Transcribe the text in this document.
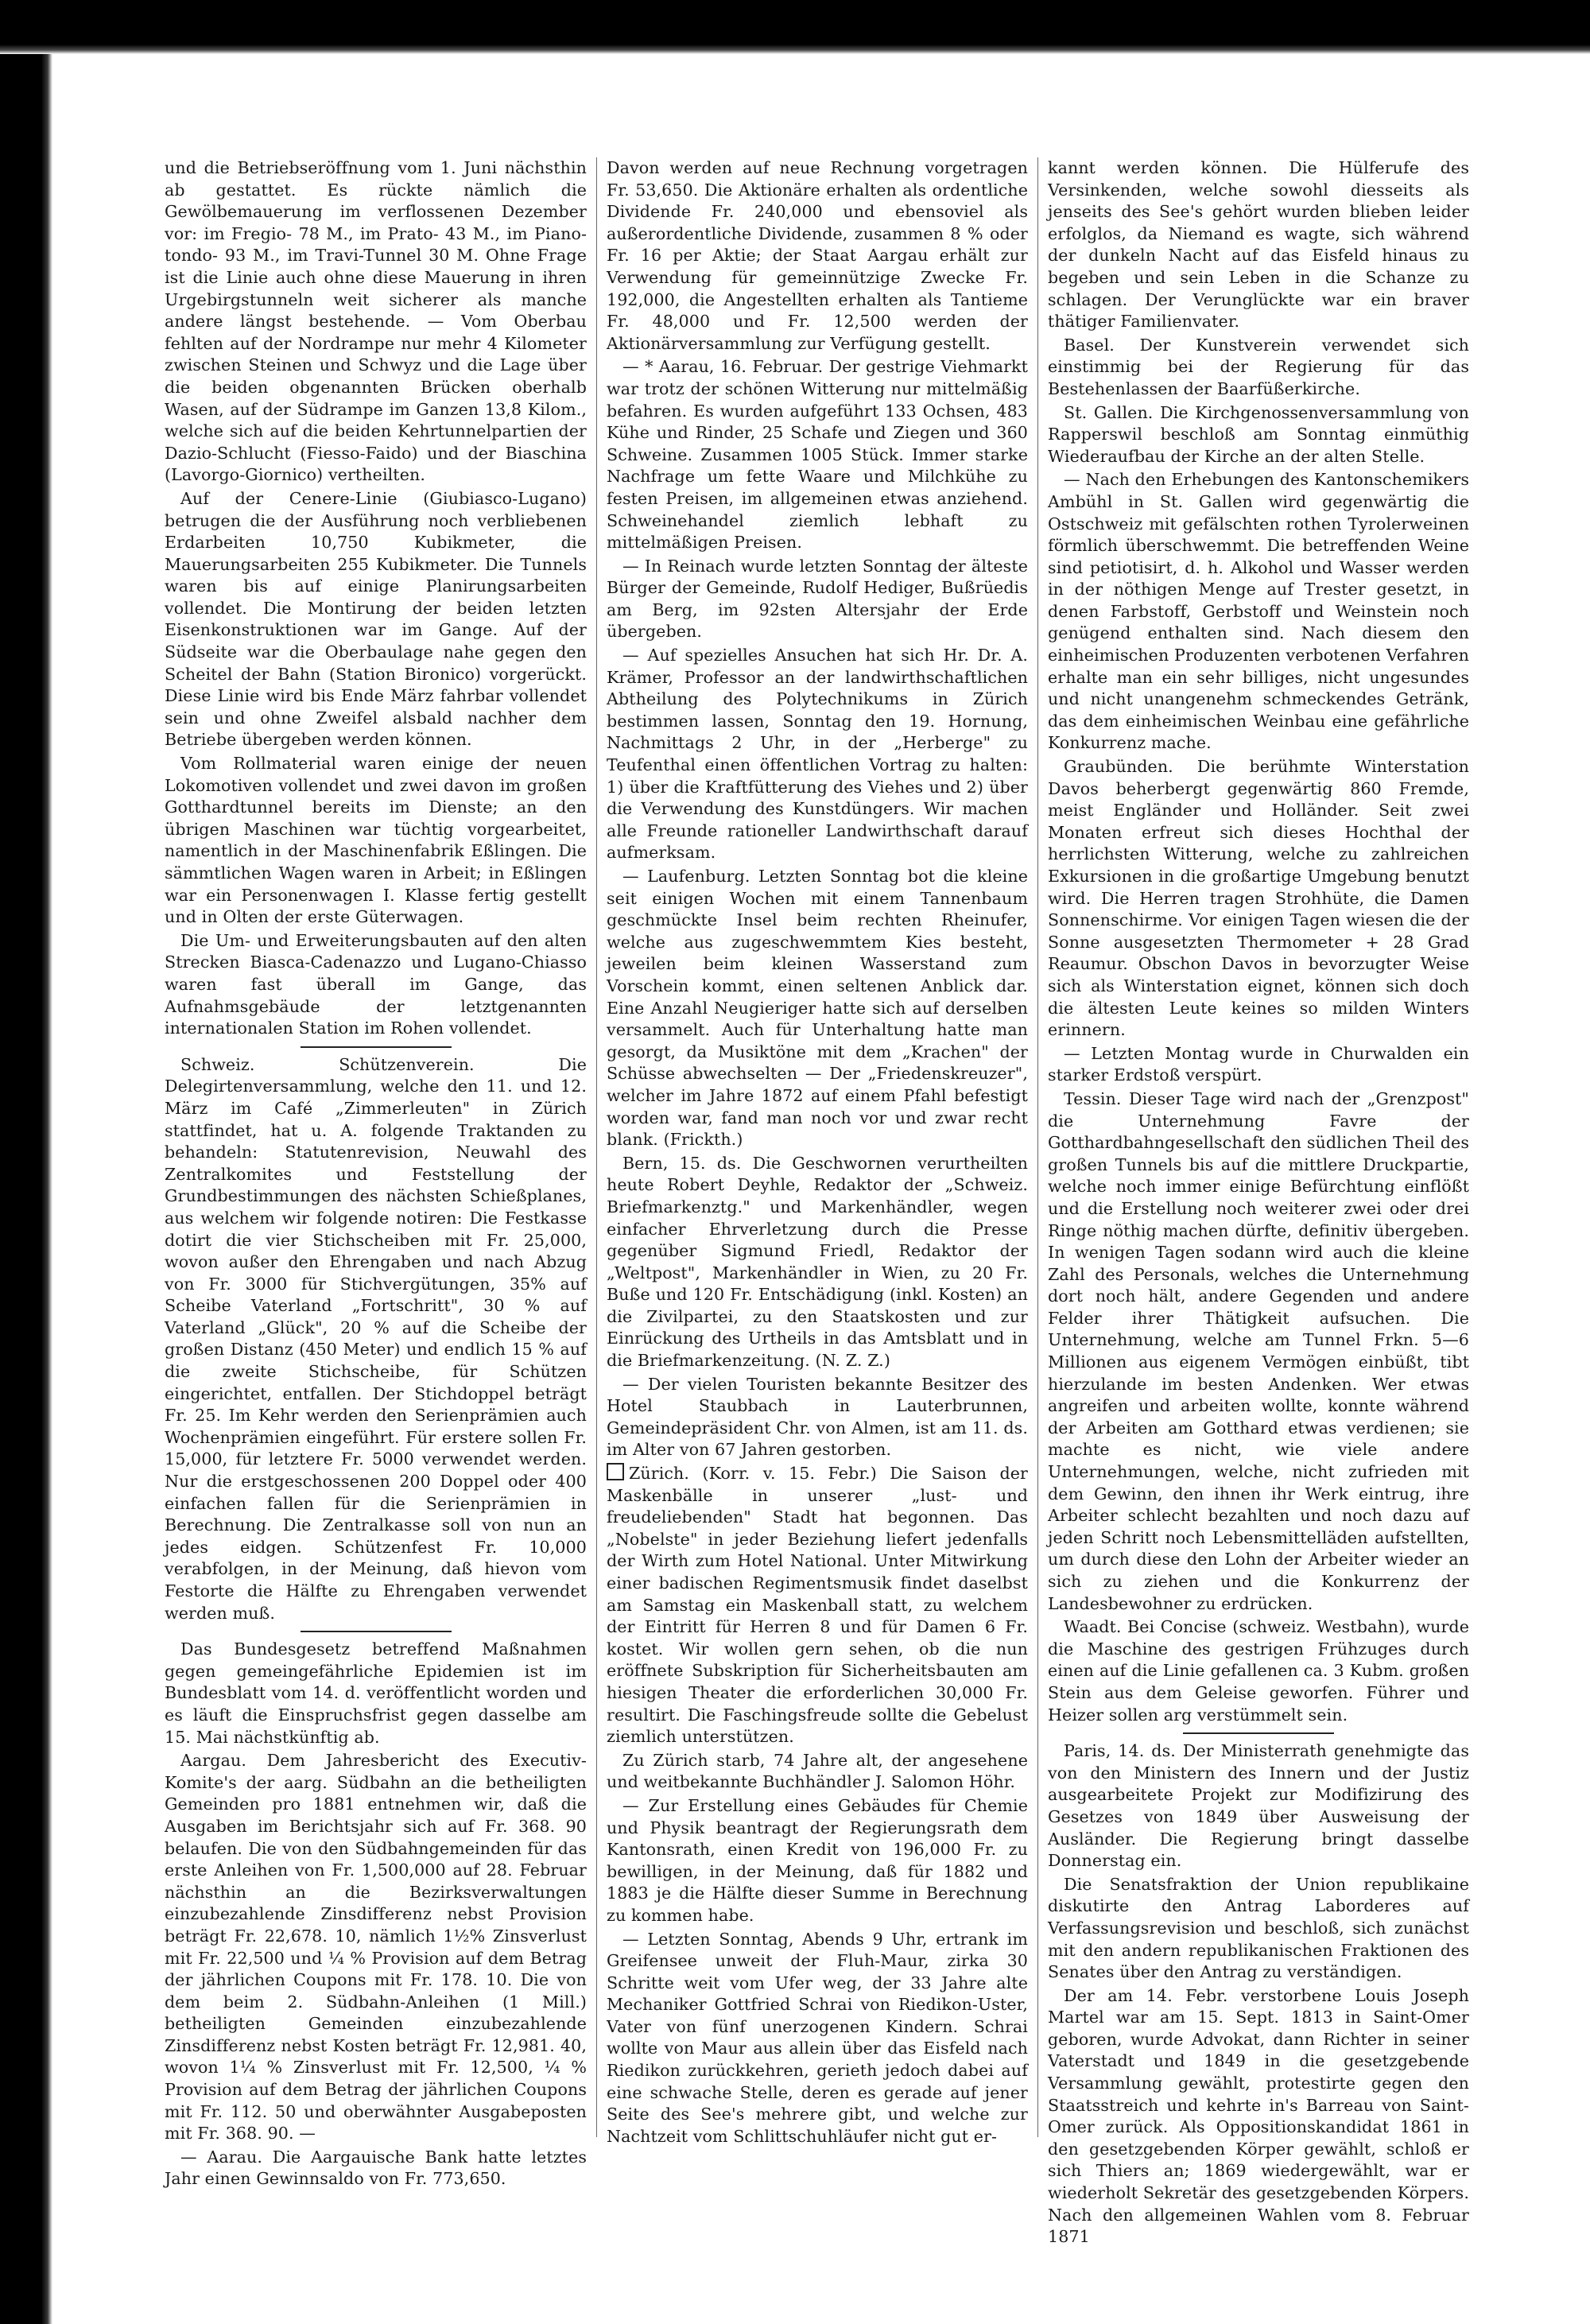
und die Betriebseröffnung vom 1. Juni nächsthin ab gestattet. Es rückte nämlich die Gewölbemauerung im verflossenen Dezember vor: im Fregio- 78 M., im Prato- 43 M., im Piano-tondo- 93 M., im Travi-Tunnel 30 M. Ohne Frage ist die Linie auch ohne diese Mauerung in ihren Urgebirgstunneln weit sicherer als manche andere längst bestehende. — Vom Oberbau fehlten auf der Nordrampe nur mehr 4 Kilometer zwischen Steinen und Schwyz und die Lage über die beiden obgenannten Brücken oberhalb Wasen, auf der Südrampe im Ganzen 13,8 Kilom., welche sich auf die beiden Kehrtunnelpartien der Dazio-Schlucht (Fiesso-Faido) und der Biaschina (Lavorgo-Giornico) vertheilten.

Auf der Cenere-Linie (Giubiasco-Lugano) betrugen die der Ausführung noch verbliebenen Erdarbeiten 10,750 Kubikmeter, die Mauerungsarbeiten 255 Kubikmeter. Die Tunnels waren bis auf einige Planirungsarbeiten vollendet. Die Montirung der beiden letzten Eisenkonstruktionen war im Gange. Auf der Südseite war die Oberbaulage nahe gegen den Scheitel der Bahn (Station Bironico) vorgerückt. Diese Linie wird bis Ende März fahrbar vollendet sein und ohne Zweifel alsbald nachher dem Betriebe übergeben werden können.

Vom Rollmaterial waren einige der neuen Lokomotiven vollendet und zwei davon im großen Gotthardtunnel bereits im Dienste; an den übrigen Maschinen war tüchtig vorgearbeitet, namentlich in der Maschinenfabrik Eßlingen. Die sämmtlichen Wagen waren in Arbeit; in Eßlingen war ein Personenwagen I. Klasse fertig gestellt und in Olten der erste Güterwagen.

Die Um- und Erweiterungsbauten auf den alten Strecken Biasca-Cadenazzo und Lugano-Chiasso waren fast überall im Gange, das Aufnahmsgebäude der letztgenannten internationalen Station im Rohen vollendet.

Schweiz. Schützenverein. Die Delegirtenversammlung, welche den 11. und 12. März im Café „Zimmerleuten" in Zürich stattfindet, hat u. A. folgende Traktanden zu behandeln: Statutenrevision, Neuwahl des Zentralkomites und Feststellung der Grundbestimmungen des nächsten Schießplanes, aus welchem wir folgende notiren: Die Festkasse dotirt die vier Stichscheiben mit Fr. 25,000, wovon außer den Ehrengaben und nach Abzug von Fr. 3000 für Stichvergütungen, 35% auf Scheibe Vaterland „Fortschritt", 30 % auf Vaterland „Glück", 20 % auf die Scheibe der großen Distanz (450 Meter) und endlich 15 % auf die zweite Stichscheibe, für Schützen eingerichtet, entfallen. Der Stichdoppel beträgt Fr. 25. Im Kehr werden den Serienprämien auch Wochenprämien eingeführt. Für erstere sollen Fr. 15,000, für letztere Fr. 5000 verwendet werden. Nur die erstgeschossenen 200 Doppel oder 400 einfachen fallen für die Serienprämien in Berechnung. Die Zentralkasse soll von nun an jedes eidgen. Schützenfest Fr. 10,000 verabfolgen, in der Meinung, daß hievon vom Festorte die Hälfte zu Ehrengaben verwendet werden muß.

Das Bundesgesetz betreffend Maßnahmen gegen gemeingefährliche Epidemien ist im Bundesblatt vom 14. d. veröffentlicht worden und es läuft die Einspruchsfrist gegen dasselbe am 15. Mai nächstkünftig ab.

Aargau. Dem Jahresbericht des Executiv-Komite's der aarg. Südbahn an die betheiligten Gemeinden pro 1881 entnehmen wir, daß die Ausgaben im Berichtsjahr sich auf Fr. 368. 90 belaufen. Die von den Südbahngemeinden für das erste Anleihen von Fr. 1,500,000 auf 28. Februar nächsthin an die Bezirksverwaltungen einzubezahlende Zinsdifferenz nebst Provision beträgt Fr. 22,678. 10, nämlich 1½% Zinsverlust mit Fr. 22,500 und ¼ % Provision auf dem Betrag der jährlichen Coupons mit Fr. 178. 10. Die von dem beim 2. Südbahn-Anleihen (1 Mill.) betheiligten Gemeinden einzubezahlende Zinsdifferenz nebst Kosten beträgt Fr. 12,981. 40, wovon 1¼ % Zinsverlust mit Fr. 12,500, ¼ % Provision auf dem Betrag der jährlichen Coupons mit Fr. 112. 50 und oberwähnter Ausgabeposten mit Fr. 368. 90. —

— Aarau. Die Aargauische Bank hatte letztes Jahr einen Gewinnsaldo von Fr. 773,650.

Davon werden auf neue Rechnung vorgetragen Fr. 53,650. Die Aktionäre erhalten als ordentliche Dividende Fr. 240,000 und ebensoviel als außerordentliche Dividende, zusammen 8 % oder Fr. 16 per Aktie; der Staat Aargau erhält zur Verwendung für gemeinnützige Zwecke Fr. 192,000, die Angestellten erhalten als Tantieme Fr. 48,000 und Fr. 12,500 werden der Aktionärversammlung zur Verfügung gestellt.

— * Aarau, 16. Februar. Der gestrige Viehmarkt war trotz der schönen Witterung nur mittelmäßig befahren. Es wurden aufgeführt 133 Ochsen, 483 Kühe und Rinder, 25 Schafe und Ziegen und 360 Schweine. Zusammen 1005 Stück. Immer starke Nachfrage um fette Waare und Milchkühe zu festen Preisen, im allgemeinen etwas anziehend. Schweinehandel ziemlich lebhaft zu mittelmäßigen Preisen.

— In Reinach wurde letzten Sonntag der älteste Bürger der Gemeinde, Rudolf Hediger, Bußrüedis am Berg, im 92sten Altersjahr der Erde übergeben.

— Auf spezielles Ansuchen hat sich Hr. Dr. A. Krämer, Professor an der landwirthschaftlichen Abtheilung des Polytechnikums in Zürich bestimmen lassen, Sonntag den 19. Hornung, Nachmittags 2 Uhr, in der „Herberge" zu Teufenthal einen öffentlichen Vortrag zu halten: 1) über die Kraftfütterung des Viehes und 2) über die Verwendung des Kunstdüngers. Wir machen alle Freunde rationeller Landwirthschaft darauf aufmerksam.

— Laufenburg. Letzten Sonntag bot die kleine seit einigen Wochen mit einem Tannenbaum geschmückte Insel beim rechten Rheinufer, welche aus zugeschwemmtem Kies besteht, jeweilen beim kleinen Wasserstand zum Vorschein kommt, einen seltenen Anblick dar. Eine Anzahl Neugieriger hatte sich auf derselben versammelt. Auch für Unterhaltung hatte man gesorgt, da Musiktöne mit dem „Krachen" der Schüsse abwechselten — Der „Friedenskreuzer", welcher im Jahre 1872 auf einem Pfahl befestigt worden war, fand man noch vor und zwar recht blank. (Frickth.)

Bern, 15. ds. Die Geschwornen verurtheilten heute Robert Deyhle, Redaktor der „Schweiz. Briefmarkenztg." und Markenhändler, wegen einfacher Ehrverletzung durch die Presse gegenüber Sigmund Friedl, Redaktor der „Weltpost", Markenhändler in Wien, zu 20 Fr. Buße und 120 Fr. Entschädigung (inkl. Kosten) an die Zivilpartei, zu den Staatskosten und zur Einrückung des Urtheils in das Amtsblatt und in die Briefmarkenzeitung. (N. Z. Z.)

— Der vielen Touristen bekannte Besitzer des Hotel Staubbach in Lauterbrunnen, Gemeindepräsident Chr. von Almen, ist am 11. ds. im Alter von 67 Jahren gestorben.

Zürich. (Korr. v. 15. Febr.) Die Saison der Maskenbälle in unserer „lust- und freudeliebenden" Stadt hat begonnen. Das „Nobelste" in jeder Beziehung liefert jedenfalls der Wirth zum Hotel National. Unter Mitwirkung einer badischen Regimentsmusik findet daselbst am Samstag ein Maskenball statt, zu welchem der Eintritt für Herren 8 und für Damen 6 Fr. kostet. Wir wollen gern sehen, ob die nun eröffnete Subskription für Sicherheitsbauten am hiesigen Theater die erforderlichen 30,000 Fr. resultirt. Die Faschingsfreude sollte die Gebelust ziemlich unterstützen.

Zu Zürich starb, 74 Jahre alt, der angesehene und weitbekannte Buchhändler J. Salomon Höhr.

— Zur Erstellung eines Gebäudes für Chemie und Physik beantragt der Regierungsrath dem Kantonsrath, einen Kredit von 196,000 Fr. zu bewilligen, in der Meinung, daß für 1882 und 1883 je die Hälfte dieser Summe in Berechnung zu kommen habe.

— Letzten Sonntag, Abends 9 Uhr, ertrank im Greifensee unweit der Fluh-Maur, zirka 30 Schritte weit vom Ufer weg, der 33 Jahre alte Mechaniker Gottfried Schrai von Riedikon-Uster, Vater von fünf unerzogenen Kindern. Schrai wollte von Maur aus allein über das Eisfeld nach Riedikon zurückkehren, gerieth jedoch dabei auf eine schwache Stelle, deren es gerade auf jener Seite des See's mehrere gibt, und welche zur Nachtzeit vom Schlittschuhläufer nicht gut er-

kannt werden können. Die Hülferufe des Versinkenden, welche sowohl diesseits als jenseits des See's gehört wurden blieben leider erfolglos, da Niemand es wagte, sich während der dunkeln Nacht auf das Eisfeld hinaus zu begeben und sein Leben in die Schanze zu schlagen. Der Verunglückte war ein braver thätiger Familienvater.

Basel. Der Kunstverein verwendet sich einstimmig bei der Regierung für das Bestehenlassen der Baarfüßerkirche.

St. Gallen. Die Kirchgenossenversammlung von Rapperswil beschloß am Sonntag einmüthig Wiederaufbau der Kirche an der alten Stelle.

— Nach den Erhebungen des Kantonschemikers Ambühl in St. Gallen wird gegenwärtig die Ostschweiz mit gefälschten rothen Tyrolerweinen förmlich überschwemmt. Die betreffenden Weine sind petiotisirt, d. h. Alkohol und Wasser werden in der nöthigen Menge auf Trester gesetzt, in denen Farbstoff, Gerbstoff und Weinstein noch genügend enthalten sind. Nach diesem den einheimischen Produzenten verbotenen Verfahren erhalte man ein sehr billiges, nicht ungesundes und nicht unangenehm schmeckendes Getränk, das dem einheimischen Weinbau eine gefährliche Konkurrenz mache.

Graubünden. Die berühmte Winterstation Davos beherbergt gegenwärtig 860 Fremde, meist Engländer und Holländer. Seit zwei Monaten erfreut sich dieses Hochthal der herrlichsten Witterung, welche zu zahlreichen Exkursionen in die großartige Umgebung benutzt wird. Die Herren tragen Strohhüte, die Damen Sonnenschirme. Vor einigen Tagen wiesen die der Sonne ausgesetzten Thermometer + 28 Grad Reaumur. Obschon Davos in bevorzugter Weise sich als Winterstation eignet, können sich doch die ältesten Leute keines so milden Winters erinnern.

— Letzten Montag wurde in Churwalden ein starker Erdstoß verspürt.

Tessin. Dieser Tage wird nach der „Grenzpost" die Unternehmung Favre der Gotthardbahngesellschaft den südlichen Theil des großen Tunnels bis auf die mittlere Druckpartie, welche noch immer einige Befürchtung einflößt und die Erstellung noch weiterer zwei oder drei Ringe nöthig machen dürfte, definitiv übergeben. In wenigen Tagen sodann wird auch die kleine Zahl des Personals, welches die Unternehmung dort noch hält, andere Gegenden und andere Felder ihrer Thätigkeit aufsuchen. Die Unternehmung, welche am Tunnel Frkn. 5—6 Millionen aus eigenem Vermögen einbüßt, tibt hierzulande im besten Andenken. Wer etwas angreifen und arbeiten wollte, konnte während der Arbeiten am Gotthard etwas verdienen; sie machte es nicht, wie viele andere Unternehmungen, welche, nicht zufrieden mit dem Gewinn, den ihnen ihr Werk eintrug, ihre Arbeiter schlecht bezahlten und noch dazu auf jeden Schritt noch Lebensmittelläden aufstellten, um durch diese den Lohn der Arbeiter wieder an sich zu ziehen und die Konkurrenz der Landesbewohner zu erdrücken.

Waadt. Bei Concise (schweiz. Westbahn), wurde die Maschine des gestrigen Frühzuges durch einen auf die Linie gefallenen ca. 3 Kubm. großen Stein aus dem Geleise geworfen. Führer und Heizer sollen arg verstümmelt sein.

Paris, 14. ds. Der Ministerrath genehmigte das von den Ministern des Innern und der Justiz ausgearbeitete Projekt zur Modifizirung des Gesetzes von 1849 über Ausweisung der Ausländer. Die Regierung bringt dasselbe Donnerstag ein.

Die Senatsfraktion der Union republikaine diskutirte den Antrag Laborderes auf Verfassungsrevision und beschloß, sich zunächst mit den andern republikanischen Fraktionen des Senates über den Antrag zu verständigen.

Der am 14. Febr. verstorbene Louis Joseph Martel war am 15. Sept. 1813 in Saint-Omer geboren, wurde Advokat, dann Richter in seiner Vaterstadt und 1849 in die gesetzgebende Versammlung gewählt, protestirte gegen den Staatsstreich und kehrte in's Barreau von Saint-Omer zurück. Als Oppositionskandidat 1861 in den gesetzgebenden Körper gewählt, schloß er sich Thiers an; 1869 wiedergewählt, war er wiederholt Sekretär des gesetzgebenden Körpers. Nach den allgemeinen Wahlen vom 8. Februar 1871
